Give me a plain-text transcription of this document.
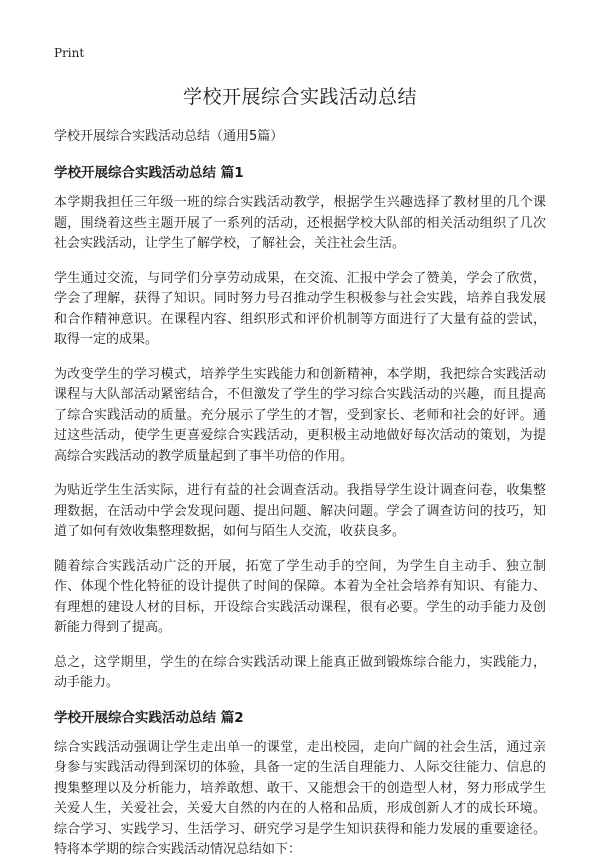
Print
学校开展综合实践活动总结

学校开展综合实践活动总结（通用5篇）

学校开展综合实践活动总结 篇1

本学期我担任三年级一班的综合实践活动教学，根据学生兴趣选择了教材里的几个课题，围绕着这些主题开展了一系列的活动，还根据学校大队部的相关活动组织了几次社会实践活动，让学生了解学校，了解社会，关注社会生活。

学生通过交流，与同学们分享劳动成果，在交流、汇报中学会了赞美，学会了欣赏，学会了理解，获得了知识。同时努力号召推动学生积极参与社会实践，培养自我发展和合作精神意识。在课程内容、组织形式和评价机制等方面进行了大量有益的尝试，取得一定的成果。

为改变学生的学习模式，培养学生实践能力和创新精神，本学期，我把综合实践活动课程与大队部活动紧密结合，不但激发了学生的学习综合实践活动的兴趣，而且提高了综合实践活动的质量。充分展示了学生的才智，受到家长、老师和社会的好评。通过这些活动，使学生更喜爱综合实践活动，更积极主动地做好每次活动的策划，为提高综合实践活动的教学质量起到了事半功倍的作用。

为贴近学生生活实际，进行有益的社会调查活动。我指导学生设计调查问卷，收集整理数据，在活动中学会发现问题、提出问题、解决问题。学会了调查访问的技巧，知道了如何有效收集整理数据，如何与陌生人交流，收获良多。

随着综合实践活动广泛的开展，拓宽了学生动手的空间，为学生自主动手、独立制作、体现个性化特征的设计提供了时间的保障。本着为全社会培养有知识、有能力、有理想的建设人材的目标，开设综合实践活动课程，很有必要。学生的动手能力及创新能力得到了提高。

总之，这学期里，学生的在综合实践活动课上能真正做到锻炼综合能力，实践能力，动手能力。

学校开展综合实践活动总结 篇2

综合实践活动强调让学生走出单一的课堂，走出校园，走向广阔的社会生活，通过亲身参与实践活动得到深切的体验，具备一定的生活自理能力、人际交往能力、信息的搜集整理以及分析能力，培养敢想、敢干、又能想会干的创造型人材，努力形成学生关爱人生，关爱社会，关爱大自然的内在的人格和品质，形成创新人才的成长环境。综合学习、实践学习、生活学习、研究学习是学生知识获得和能力发展的重要途径。特将本学期的综合实践活动情况总结如下：
